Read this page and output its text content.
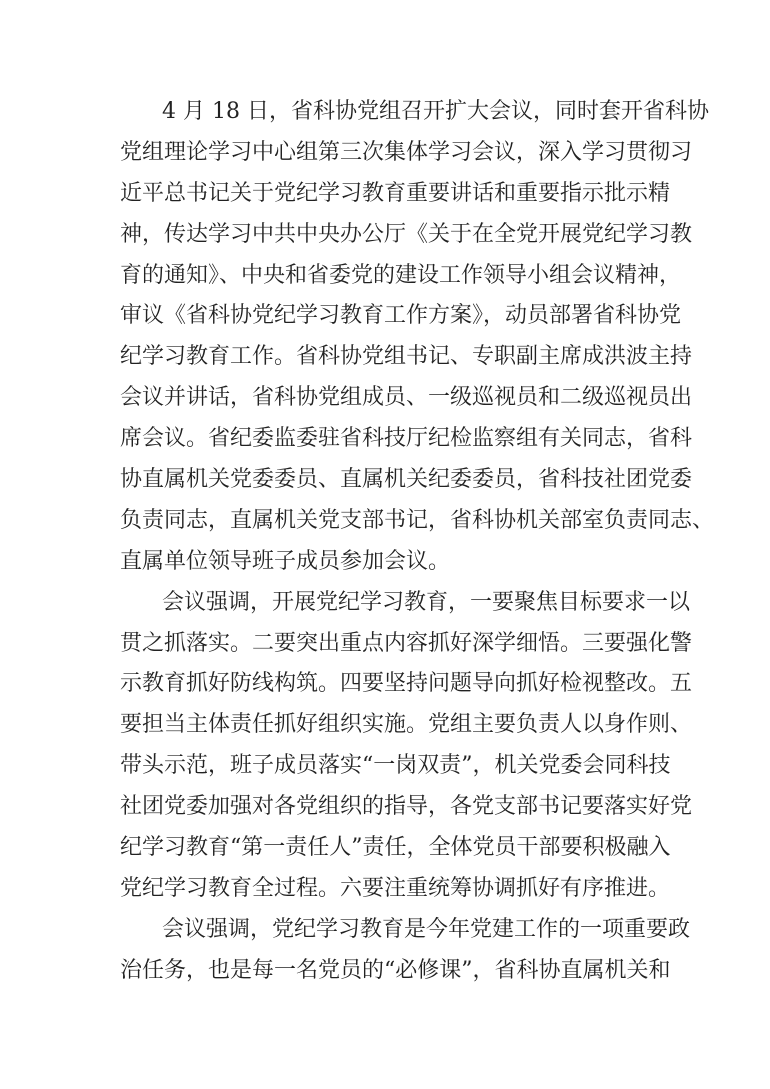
4 月 18 日，省科协党组召开扩大会议，同时套开省科协
党组理论学习中心组第三次集体学习会议，深入学习贯彻习
近平总书记关于党纪学习教育重要讲话和重要指示批示精
神，传达学习中共中央办公厅《关于在全党开展党纪学习教
育的通知》、中央和省委党的建设工作领导小组会议精神，
审议《省科协党纪学习教育工作方案》，动员部署省科协党
纪学习教育工作。省科协党组书记、专职副主席成洪波主持
会议并讲话，省科协党组成员、一级巡视员和二级巡视员出
席会议。省纪委监委驻省科技厅纪检监察组有关同志，省科
协直属机关党委委员、直属机关纪委委员，省科技社团党委
负责同志，直属机关党支部书记，省科协机关部室负责同志、
直属单位领导班子成员参加会议。
会议强调，开展党纪学习教育，一要聚焦目标要求一以
贯之抓落实。二要突出重点内容抓好深学细悟。三要强化警
示教育抓好防线构筑。四要坚持问题导向抓好检视整改。五
要担当主体责任抓好组织实施。党组主要负责人以身作则、
带头示范，班子成员落实“一岗双责”，机关党委会同科技
社团党委加强对各党组织的指导，各党支部书记要落实好党
纪学习教育“第一责任人”责任，全体党员干部要积极融入
党纪学习教育全过程。六要注重统筹协调抓好有序推进。
会议强调，党纪学习教育是今年党建工作的一项重要政
治任务，也是每一名党员的“必修课”，省科协直属机关和
